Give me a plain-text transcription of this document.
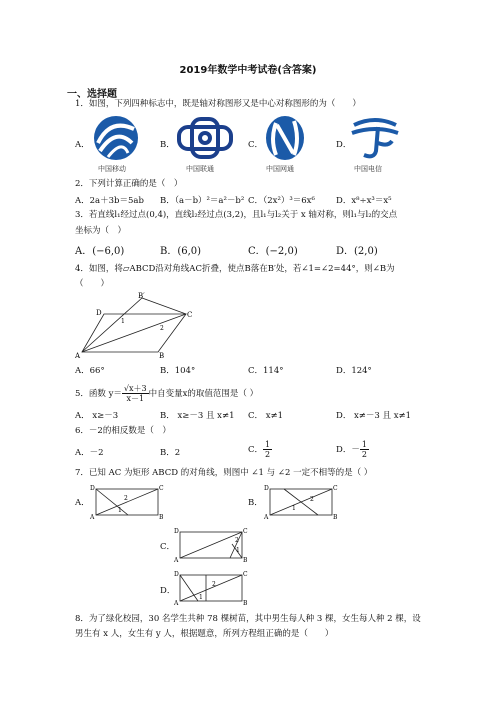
2019年数学中考试卷(含答案)
一、选择题
1．如图，下列四种标志中，既是轴对称图形又是中心对称图形的为（　　）
A．
中国移动
B．
中国联通
C．
中国网通
D．
中国电信
2．下列计算正确的是（　）
A．2a＋3b＝5ab B．（a－b）²＝a²－b² C．（2x²）³＝6x⁶ D．x⁸÷x³＝x⁵
3．若直线l₁经过点(0,4)，直线l₂经过点(3,2)，且l₁与l₂关于 x 轴对称，则l₁与l₂的交点
坐标为（　）
A．(−6,0)	B．(6,0)	C．(−2,0)	D．(2,0)
4．如图，将▱ABCD沿对角线AC折叠，使点B落在B′处，若∠1=∠2=44°，则∠B为
（　　）
B′
D	C
A	B
1
2
A．66°	B．104°	C．114°	D．124°
5．函数 $y= \frac{√x+3}{x-1}$ 中自变量x的取值范围是（ ）
A． x≥－3	B． x≥－3 且 x≠1 C． x≠1	D． x≠－3 且 x≠1
6．－2的相反数是（　）
A．－2	B．2	C． $\frac{1}{2}$	D．－ $\frac{1}{2}$
7．已知 AC 为矩形 ABCD 的对角线，则图中 ∠1 与 ∠2 一定不相等的是（ ）
A．
D	C
A	B
1
2	B．
D	C
A	B
1
2
C．
D	C
A	B
1
2
D．
D	C
A	B
1
2
8．为了绿化校园，30 名学生共种 78 棵树苗，其中男生每人种 3 棵，女生每人种 2 棵，设
男生有 x 人，女生有 y 人，根据题意，所列方程组正确的是（　　）
